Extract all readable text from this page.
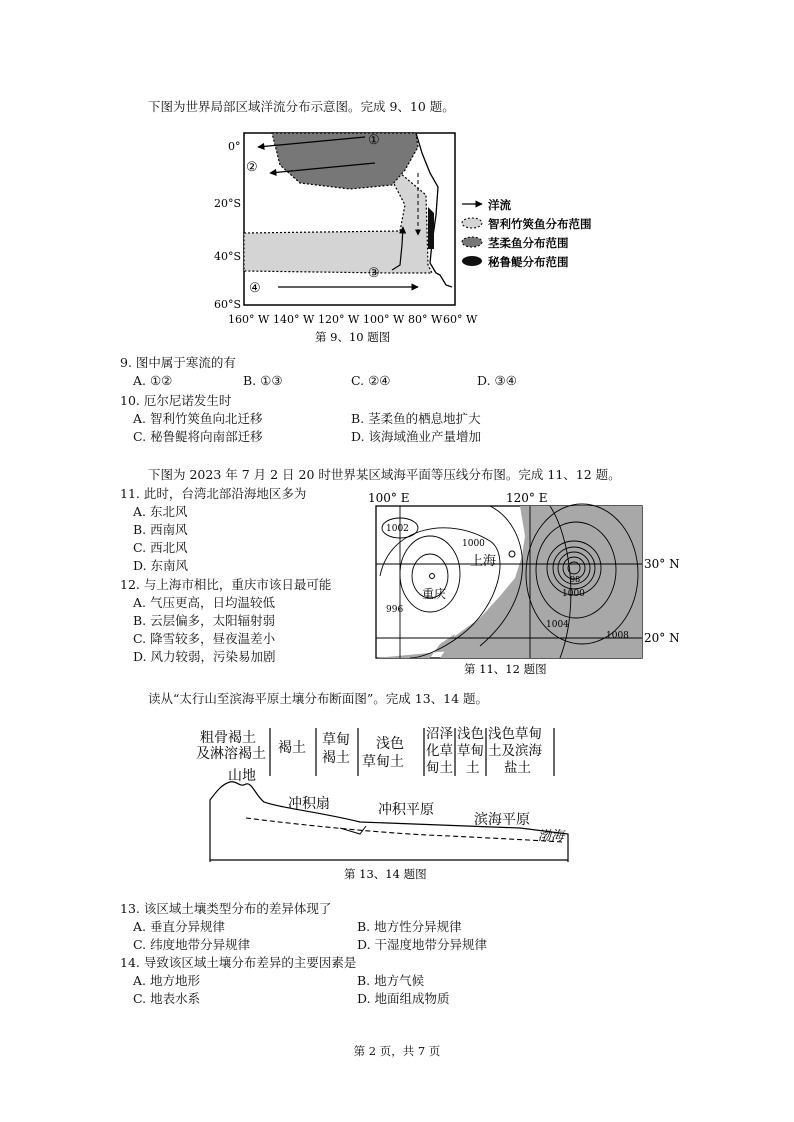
下图为世界局部区域洋流分布示意图。完成 9、10 题。
①
②
③
④
0°
20°S
40°S
60°S
160° W 140° W 120° W 100° W 80° W 60° W
第 9、10 题图
洋流
智利竹筴鱼分布范围
茎柔鱼分布范围
秘鲁鳀分布范围
9. 图中属于寒流的有
A. ①②	B. ①③	C. ②④	D. ③④
10. 厄尔尼诺发生时
A. 智利竹筴鱼向北迁移	B. 茎柔鱼的栖息地扩大
C. 秘鲁鳀将向南部迁移	D. 该海域渔业产量增加
下图为 2023 年 7 月 2 日 20 时世界某区域海平面等压线分布图。完成 11、12 题。
11. 此时，台湾北部沿海地区多为
A. 东北风
B. 西南风
C. 西北风
D. 东南风
12. 与上海市相比，重庆市该日最可能
A. 气压更高，日均温较低
B. 云层偏多，太阳辐射弱
C. 降雪较多，昼夜温差小
D. 风力较弱，污染易加剧
100° E	120° E
1002
1000
996
1000
1004
1008
98
上海
重庆
30° N
20° N
第 11、12 题图
读从“太行山至滨海平原土壤分布断面图”。完成 13、14 题。
粗骨褐土
及淋溶褐土 褐土 草甸
褐土
浅色
草甸土
沼泽
化草
甸土
浅色
草甸
土
浅色草甸
土及滨海
盐土
山地
冲积扇	冲积平原
滨海平原
渤海
第 13、14 题图
13. 该区域土壤类型分布的差异体现了
A. 垂直分异规律	B. 地方性分异规律
C. 纬度地带分异规律	D. 干湿度地带分异规律
14. 导致该区域土壤分布差异的主要因素是
A. 地方地形	B. 地方气候
C. 地表水系	D. 地面组成物质
第 2 页，共 7 页
